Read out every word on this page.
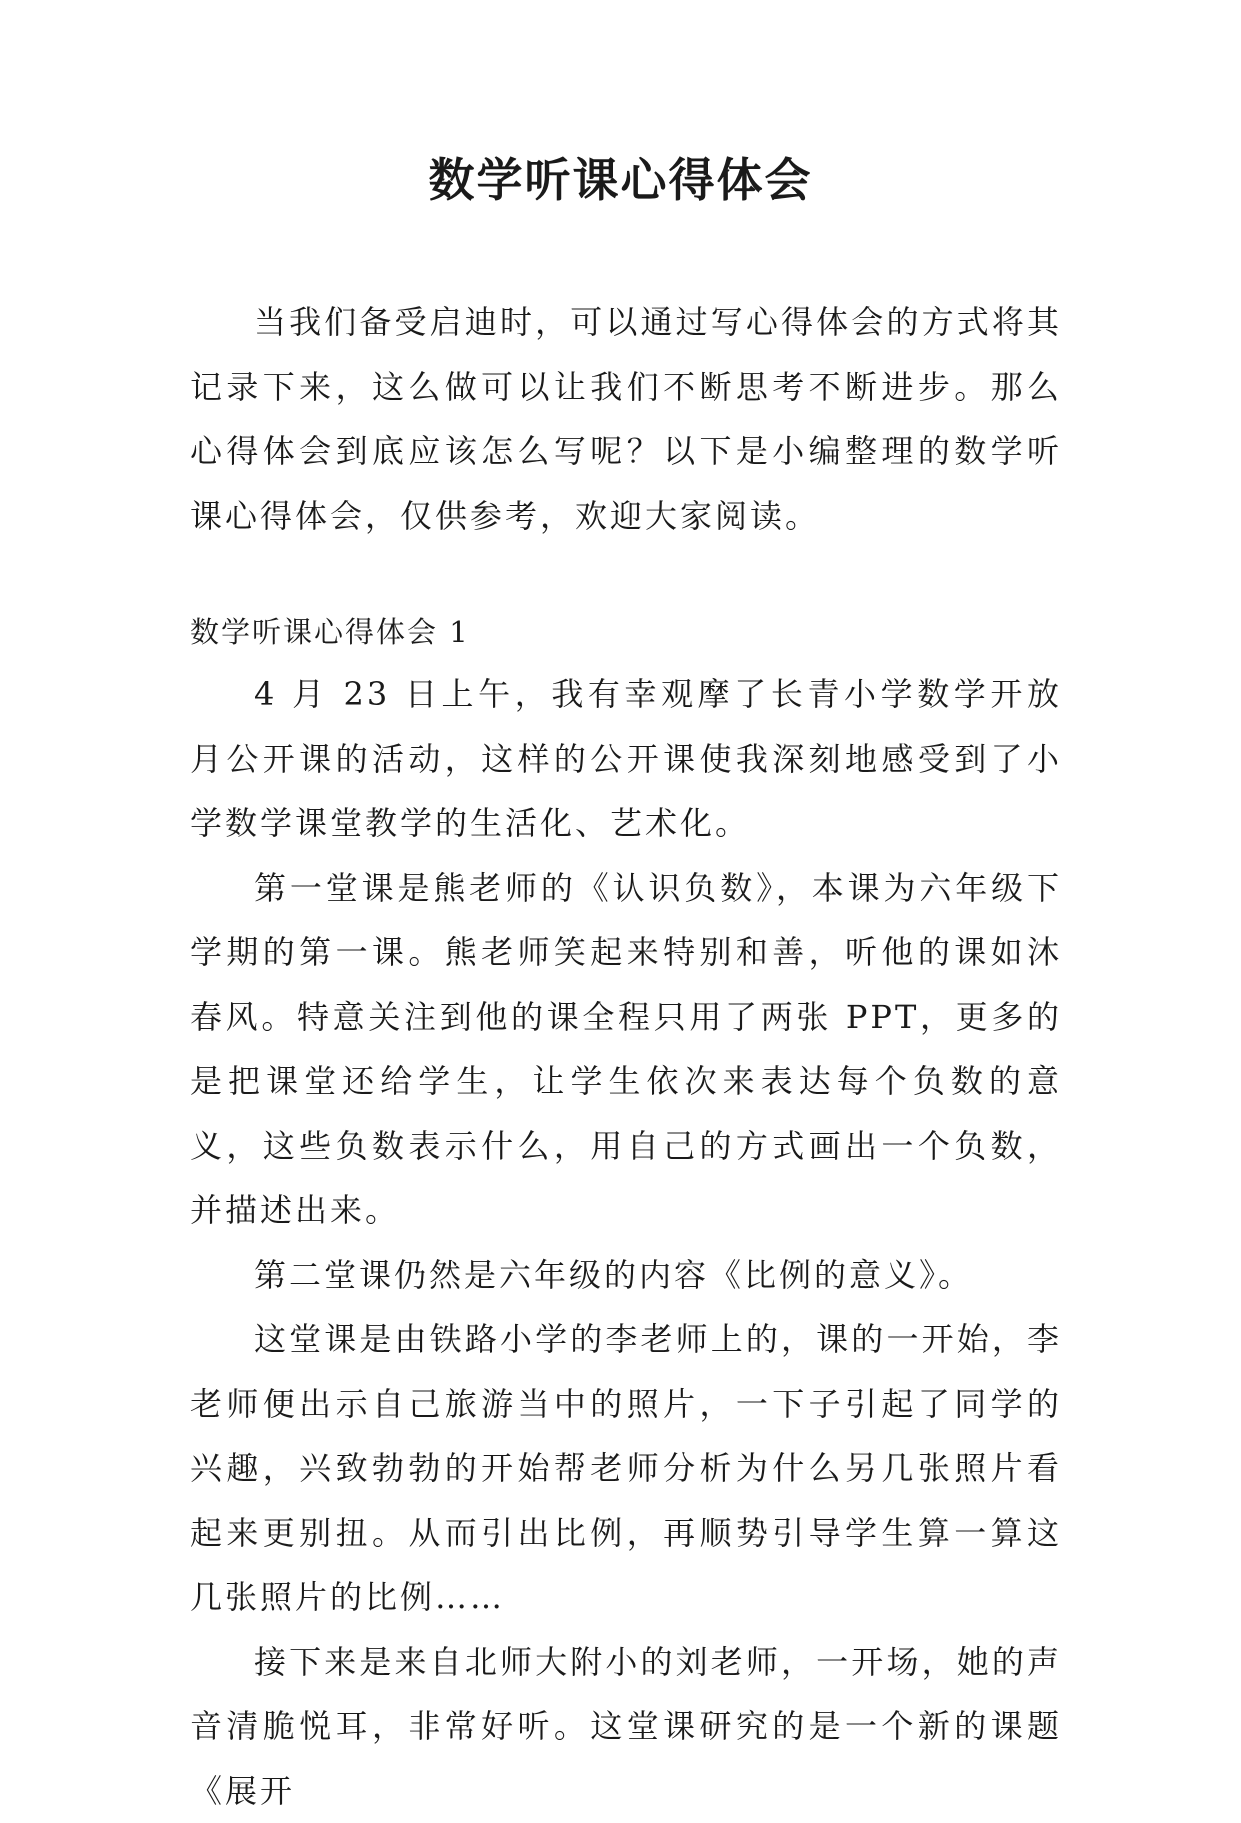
数学听课心得体会

当我们备受启迪时，可以通过写心得体会的方式将其记录下来，这么做可以让我们不断思考不断进步。那么心得体会到底应该怎么写呢？以下是小编整理的数学听课心得体会，仅供参考，欢迎大家阅读。

数学听课心得体会 1

4 月 23 日上午，我有幸观摩了长青小学数学开放月公开课的活动，这样的公开课使我深刻地感受到了小学数学课堂教学的生活化、艺术化。

第一堂课是熊老师的《认识负数》，本课为六年级下学期的第一课。熊老师笑起来特别和善，听他的课如沐春风。特意关注到他的课全程只用了两张 PPT，更多的是把课堂还给学生，让学生依次来表达每个负数的意义，这些负数表示什么，用自己的方式画出一个负数，并描述出来。

第二堂课仍然是六年级的内容《比例的意义》。

这堂课是由铁路小学的李老师上的，课的一开始，李老师便出示自己旅游当中的照片，一下子引起了同学的兴趣，兴致勃勃的开始帮老师分析为什么另几张照片看起来更别扭。从而引出比例，再顺势引导学生算一算这几张照片的比例……

接下来是来自北师大附小的刘老师，一开场，她的声音清脆悦耳，非常好听。这堂课研究的是一个新的课题《展开
